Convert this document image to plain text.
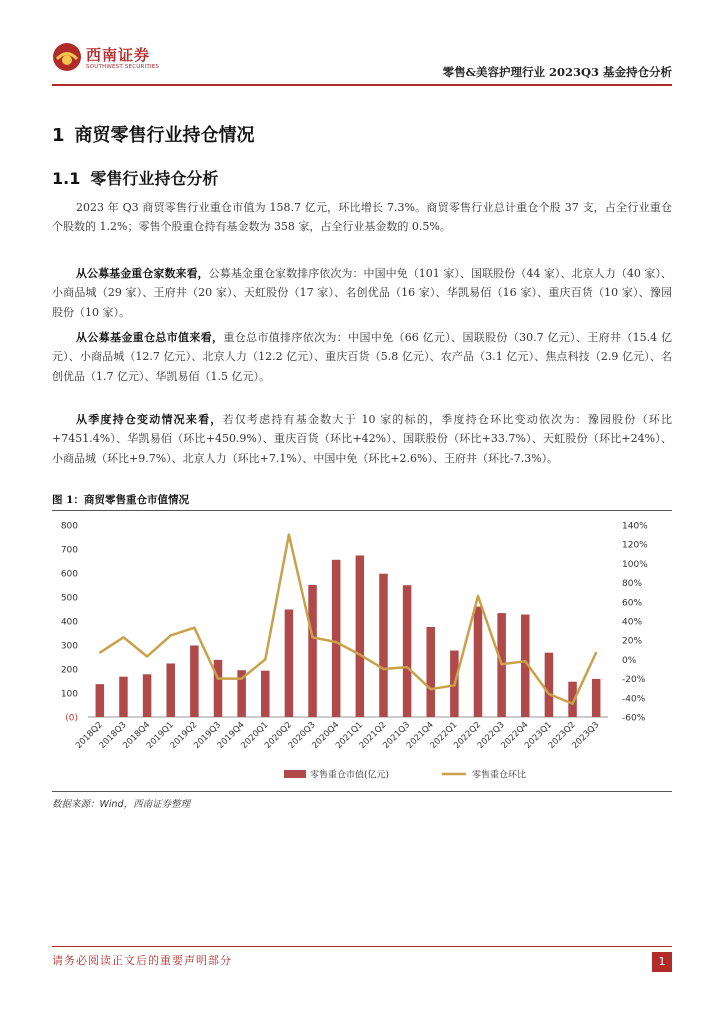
西南证券
SOUTHWEST SECURITIES	零售&美容护理行业 2023Q3 基金持仓分析
1 商贸零售行业持仓情况
1.1 零售行业持仓分析
2023 年 Q3 商贸零售行业重仓市值为 158.7 亿元，环比增长 7.3%。商贸零售行业总计重仓个股 37 支，占全行业重仓个股数的 1.2%；零售个股重仓持有基金数为 358 家，占全行业基金数的 0.5%。
从公募基金重仓家数来看，公募基金重仓家数排序依次为：中国中免（101 家）、国联股份（44 家）、北京人力（40 家）、小商品城（29 家）、王府井（20 家）、天虹股份（17 家）、名创优品（16 家）、华凯易佰（16 家）、重庆百货（10 家）、豫园股份（10 家）。
从公募基金重仓总市值来看，重仓总市值排序依次为：中国中免（66 亿元）、国联股份（30.7 亿元）、王府井（15.4 亿元）、小商品城（12.7 亿元）、北京人力（12.2 亿元）、重庆百货（5.8 亿元）、农产品（3.1 亿元）、焦点科技（2.9 亿元）、名创优品（1.7 亿元）、华凯易佰（1.5 亿元）。
从季度持仓变动情况来看，若仅考虑持有基金数大于 10 家的标的，季度持仓环比变动依次为：豫园股份（环比+7451.4%）、华凯易佰（环比+450.9%）、重庆百货（环比+42%）、国联股份（环比+33.7%）、天虹股份（环比+24%）、小商品城（环比+9.7%）、北京人力（环比+7.1%）、中国中免（环比+2.6%）、王府井（环比-7.3%）。
图 1：商贸零售重仓市值情况
(0)
100
200
300
400
500
600
700
800
-60%
-40%
-20%
0%
20%
40%
60%
80%
100%
120%
140%
2018Q2
2018Q3
2018Q4
2019Q1
2019Q2
2019Q3
2019Q4
2020Q1
2020Q2
2020Q3
2020Q4
2021Q1
2021Q2
2021Q3
2021Q4
2022Q1
2022Q2
2022Q3
2022Q4
2023Q1
2023Q2
2023Q3
零售重仓市值(亿元)	零售重仓环比
数据来源：Wind，西南证券整理
请务必阅读正文后的重要声明部分	1
